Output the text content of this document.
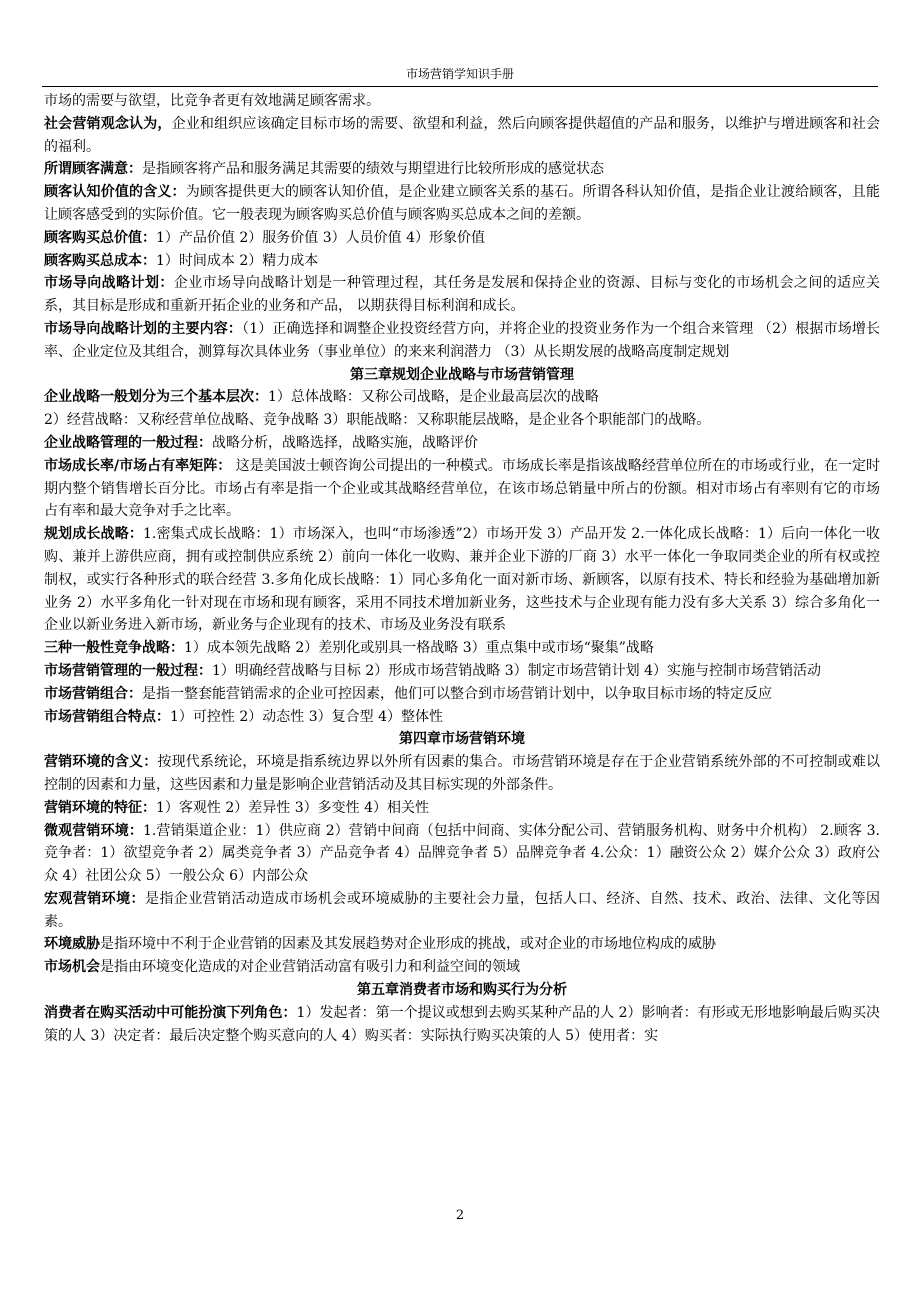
市场营销学知识手册

市场的需要与欲望，比竞争者更有效地满足顾客需求。

社会营销观念认为，企业和组织应该确定目标市场的需要、欲望和利益，然后向顾客提供超值的产品和服务，以维护与增进顾客和社会的福利。

所谓顾客满意：是指顾客将产品和服务满足其需要的绩效与期望进行比较所形成的感觉状态

顾客认知价值的含义：为顾客提供更大的顾客认知价值，是企业建立顾客关系的基石。所谓各科认知价值，是指企业让渡给顾客，且能让顾客感受到的实际价值。它一般表现为顾客购买总价值与顾客购买总成本之间的差额。

顾客购买总价值：1）产品价值 2）服务价值 3）人员价值 4）形象价值

顾客购买总成本：1）时间成本 2）精力成本

市场导向战略计划：企业市场导向战略计划是一种管理过程，其任务是发展和保持企业的资源、目标与变化的市场机会之间的适应关系，其目标是形成和重新开拓企业的业务和产品， 以期获得目标利润和成长。

市场导向战略计划的主要内容：（1）正确选择和调整企业投资经营方向，并将企业的投资业务作为一个组合来管理 （2）根据市场增长率、企业定位及其组合，测算每次具体业务（事业单位）的来来利润潜力 （3）从长期发展的战略高度制定规划

第三章规划企业战略与市场营销管理

企业战略一般划分为三个基本层次：1）总体战略：又称公司战略，是企业最高层次的战略

2）经营战略：又称经营单位战略、竞争战略 3）职能战略：又称职能层战略，是企业各个职能部门的战略。

企业战略管理的一般过程：战略分析，战略选择，战略实施，战略评价

市场成长率/市场占有率矩阵： 这是美国波士顿咨询公司提出的一种模式。市场成长率是指该战略经营单位所在的市场或行业，在一定时期内整个销售增长百分比。市场占有率是指一个企业或其战略经营单位，在该市场总销量中所占的份额。相对市场占有率则有它的市场占有率和最大竞争对手之比率。

规划成长战略：1.密集式成长战略：1）市场深入，也叫“市场渗透”2）市场开发 3）产品开发 2.一体化成长战略：1）后向一体化一收购、兼并上游供应商，拥有或控制供应系统 2）前向一体化一收购、兼并企业下游的厂商 3）水平一体化一争取同类企业的所有权或控制权，或实行各种形式的联合经营 3.多角化成长战略：1）同心多角化一面对新市场、新顾客，以原有技术、特长和经验为基础增加新业务 2）水平多角化一针对现在市场和现有顾客，采用不同技术增加新业务，这些技术与企业现有能力没有多大关系 3）综合多角化一企业以新业务进入新市场，新业务与企业现有的技术、市场及业务没有联系

三种一般性竞争战略：1）成本领先战略 2）差别化或别具一格战略 3）重点集中或市场“聚集”战略

市场营销管理的一般过程：1）明确经营战略与目标 2）形成市场营销战略 3）制定市场营销计划 4）实施与控制市场营销活动

市场营销组合：是指一整套能营销需求的企业可控因素，他们可以整合到市场营销计划中，以争取目标市场的特定反应

市场营销组合特点：1）可控性 2）动态性 3）复合型 4）整体性

第四章市场营销环境

营销环境的含义：按现代系统论，环境是指系统边界以外所有因素的集合。市场营销环境是存在于企业营销系统外部的不可控制或难以控制的因素和力量，这些因素和力量是影响企业营销活动及其目标实现的外部条件。

营销环境的特征：1）客观性 2）差异性 3）多变性 4）相关性

微观营销环境：1.营销渠道企业：1）供应商 2）营销中间商（包括中间商、实体分配公司、营销服务机构、财务中介机构） 2.顾客 3.竞争者：1）欲望竞争者 2）属类竞争者 3）产品竞争者 4）品牌竞争者 5）品牌竞争者 4.公众：1）融资公众 2）媒介公众 3）政府公众 4）社团公众 5）一般公众 6）内部公众

宏观营销环境：是指企业营销活动造成市场机会或环境威胁的主要社会力量，包括人口、经济、自然、技术、政治、法律、文化等因素。

环境威胁是指环境中不利于企业营销的因素及其发展趋势对企业形成的挑战，或对企业的市场地位构成的威胁

市场机会是指由环境变化造成的对企业营销活动富有吸引力和利益空间的领域

第五章消费者市场和购买行为分析

消费者在购买活动中可能扮演下列角色：1）发起者：第一个提议或想到去购买某种产品的人 2）影响者：有形或无形地影响最后购买决策的人 3）决定者：最后决定整个购买意向的人 4）购买者：实际执行购买决策的人 5）使用者：实

2
